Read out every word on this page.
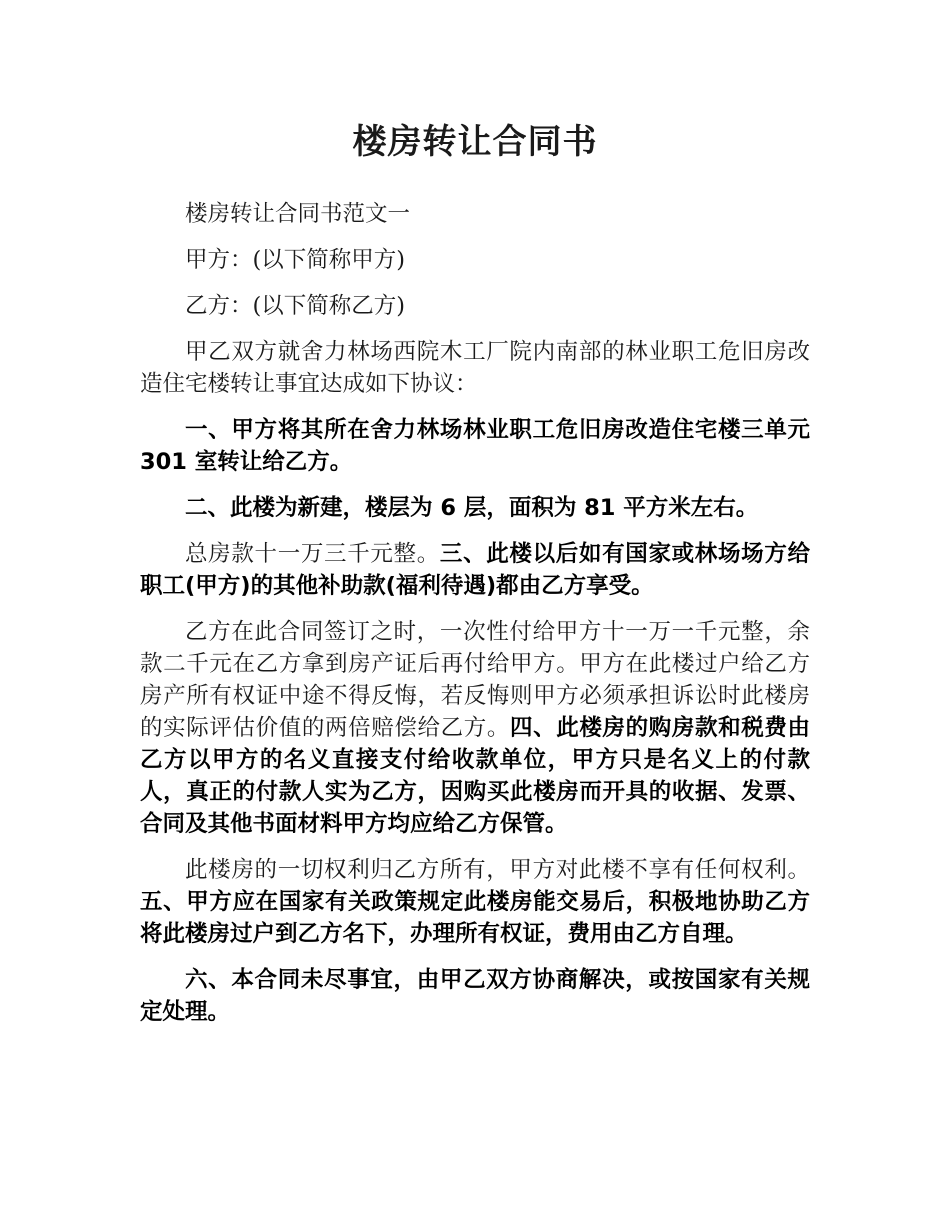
楼房转让合同书

楼房转让合同书范文一

甲方：(以下简称甲方)

乙方：(以下简称乙方)

甲乙双方就舍力林场西院木工厂院内南部的林业职工危旧房改造住宅楼转让事宜达成如下协议：

一、甲方将其所在舍力林场林业职工危旧房改造住宅楼三单元 301 室转让给乙方。

二、此楼为新建，楼层为 6 层，面积为 81 平方米左右。

总房款十一万三千元整。三、此楼以后如有国家或林场场方给职工(甲方)的其他补助款(福利待遇)都由乙方享受。

乙方在此合同签订之时，一次性付给甲方十一万一千元整，余款二千元在乙方拿到房产证后再付给甲方。甲方在此楼过户给乙方房产所有权证中途不得反悔，若反悔则甲方必须承担诉讼时此楼房的实际评估价值的两倍赔偿给乙方。四、此楼房的购房款和税费由乙方以甲方的名义直接支付给收款单位，甲方只是名义上的付款人，真正的付款人实为乙方，因购买此楼房而开具的收据、发票、合同及其他书面材料甲方均应给乙方保管。

此楼房的一切权利归乙方所有，甲方对此楼不享有任何权利。五、甲方应在国家有关政策规定此楼房能交易后，积极地协助乙方将此楼房过户到乙方名下，办理所有权证，费用由乙方自理。

六、本合同未尽事宜，由甲乙双方协商解决，或按国家有关规定处理。
